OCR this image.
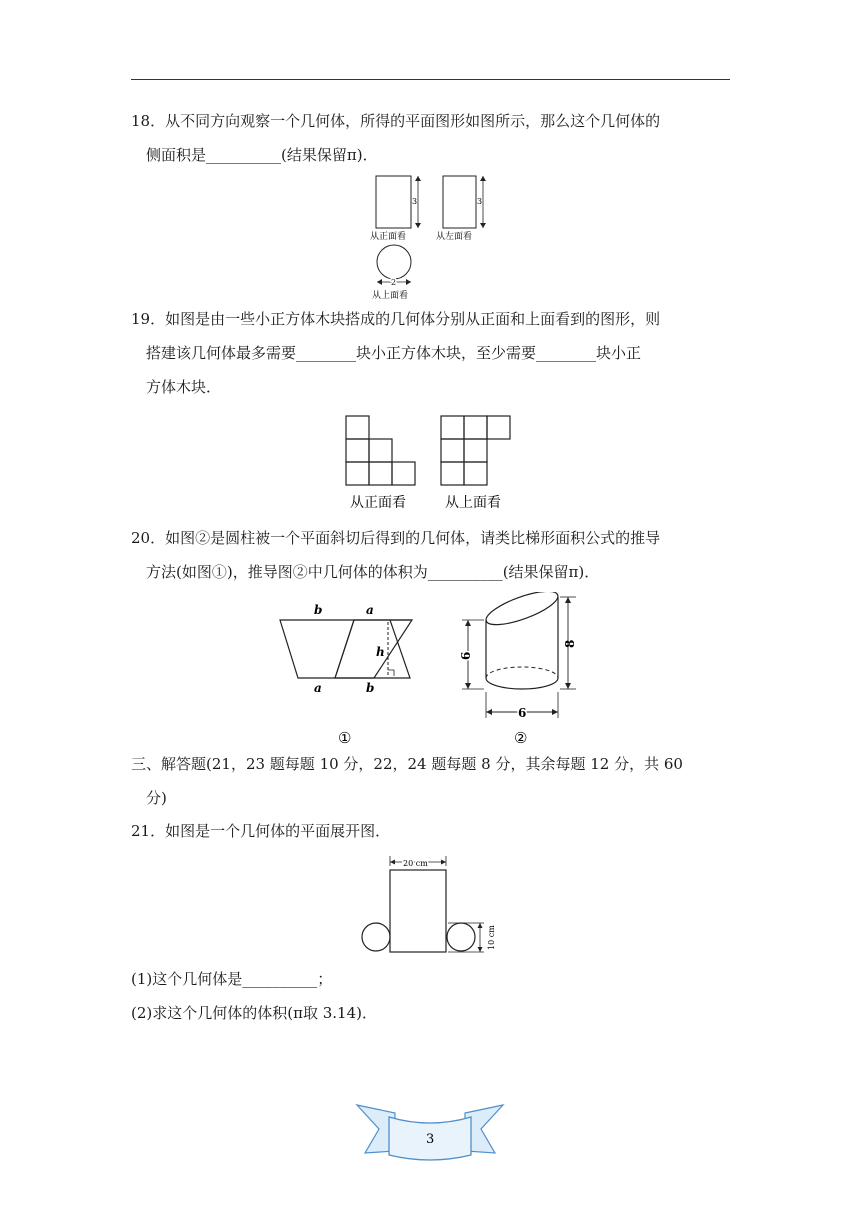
18．从不同方向观察一个几何体，所得的平面图形如图所示，那么这个几何体的

侧面积是__________(结果保留π)．

3
从正面看
3
从左面看
2
从上面看

19．如图是由一些小正方体木块搭成的几何体分别从正面和上面看到的图形，则

搭建该几何体最多需要________块小正方体木块，至少需要________块小正

方体木块．

从正面看	从上面看

20．如图②是圆柱被一个平面斜切后得到的几何体，请类比梯形面积公式的推导

方法(如图①)，推导图②中几何体的体积为__________(结果保留π)．

b	a
h
a	b
①
6
8
6
②

三、解答题(21，23 题每题 10 分，22，24 题每题 8 分，其余每题 12 分，共 60

分)

21．如图是一个几何体的平面展开图．

20 cm
10 cm

(1)这个几何体是__________；

(2)求这个几何体的体积(π取 3.14)．

3
